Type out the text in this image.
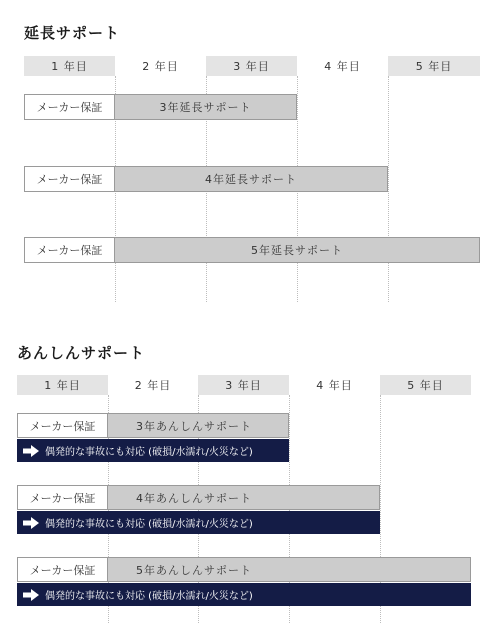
延長サポート
1 年目	2 年目	3 年目	4 年目	5 年目
メーカー保証	3年延長サポート
メーカー保証	4年延長サポート
メーカー保証	5年延長サポート
あんしんサポート
1 年目	2 年目	3 年目	4 年目	5 年目
メーカー保証	3年あんしんサポート
偶発的な事故にも対応 (破損/水濡れ/火災など)
メーカー保証	4年あんしんサポート
偶発的な事故にも対応 (破損/水濡れ/火災など)
メーカー保証	5年あんしんサポート
偶発的な事故にも対応 (破損/水濡れ/火災など)
